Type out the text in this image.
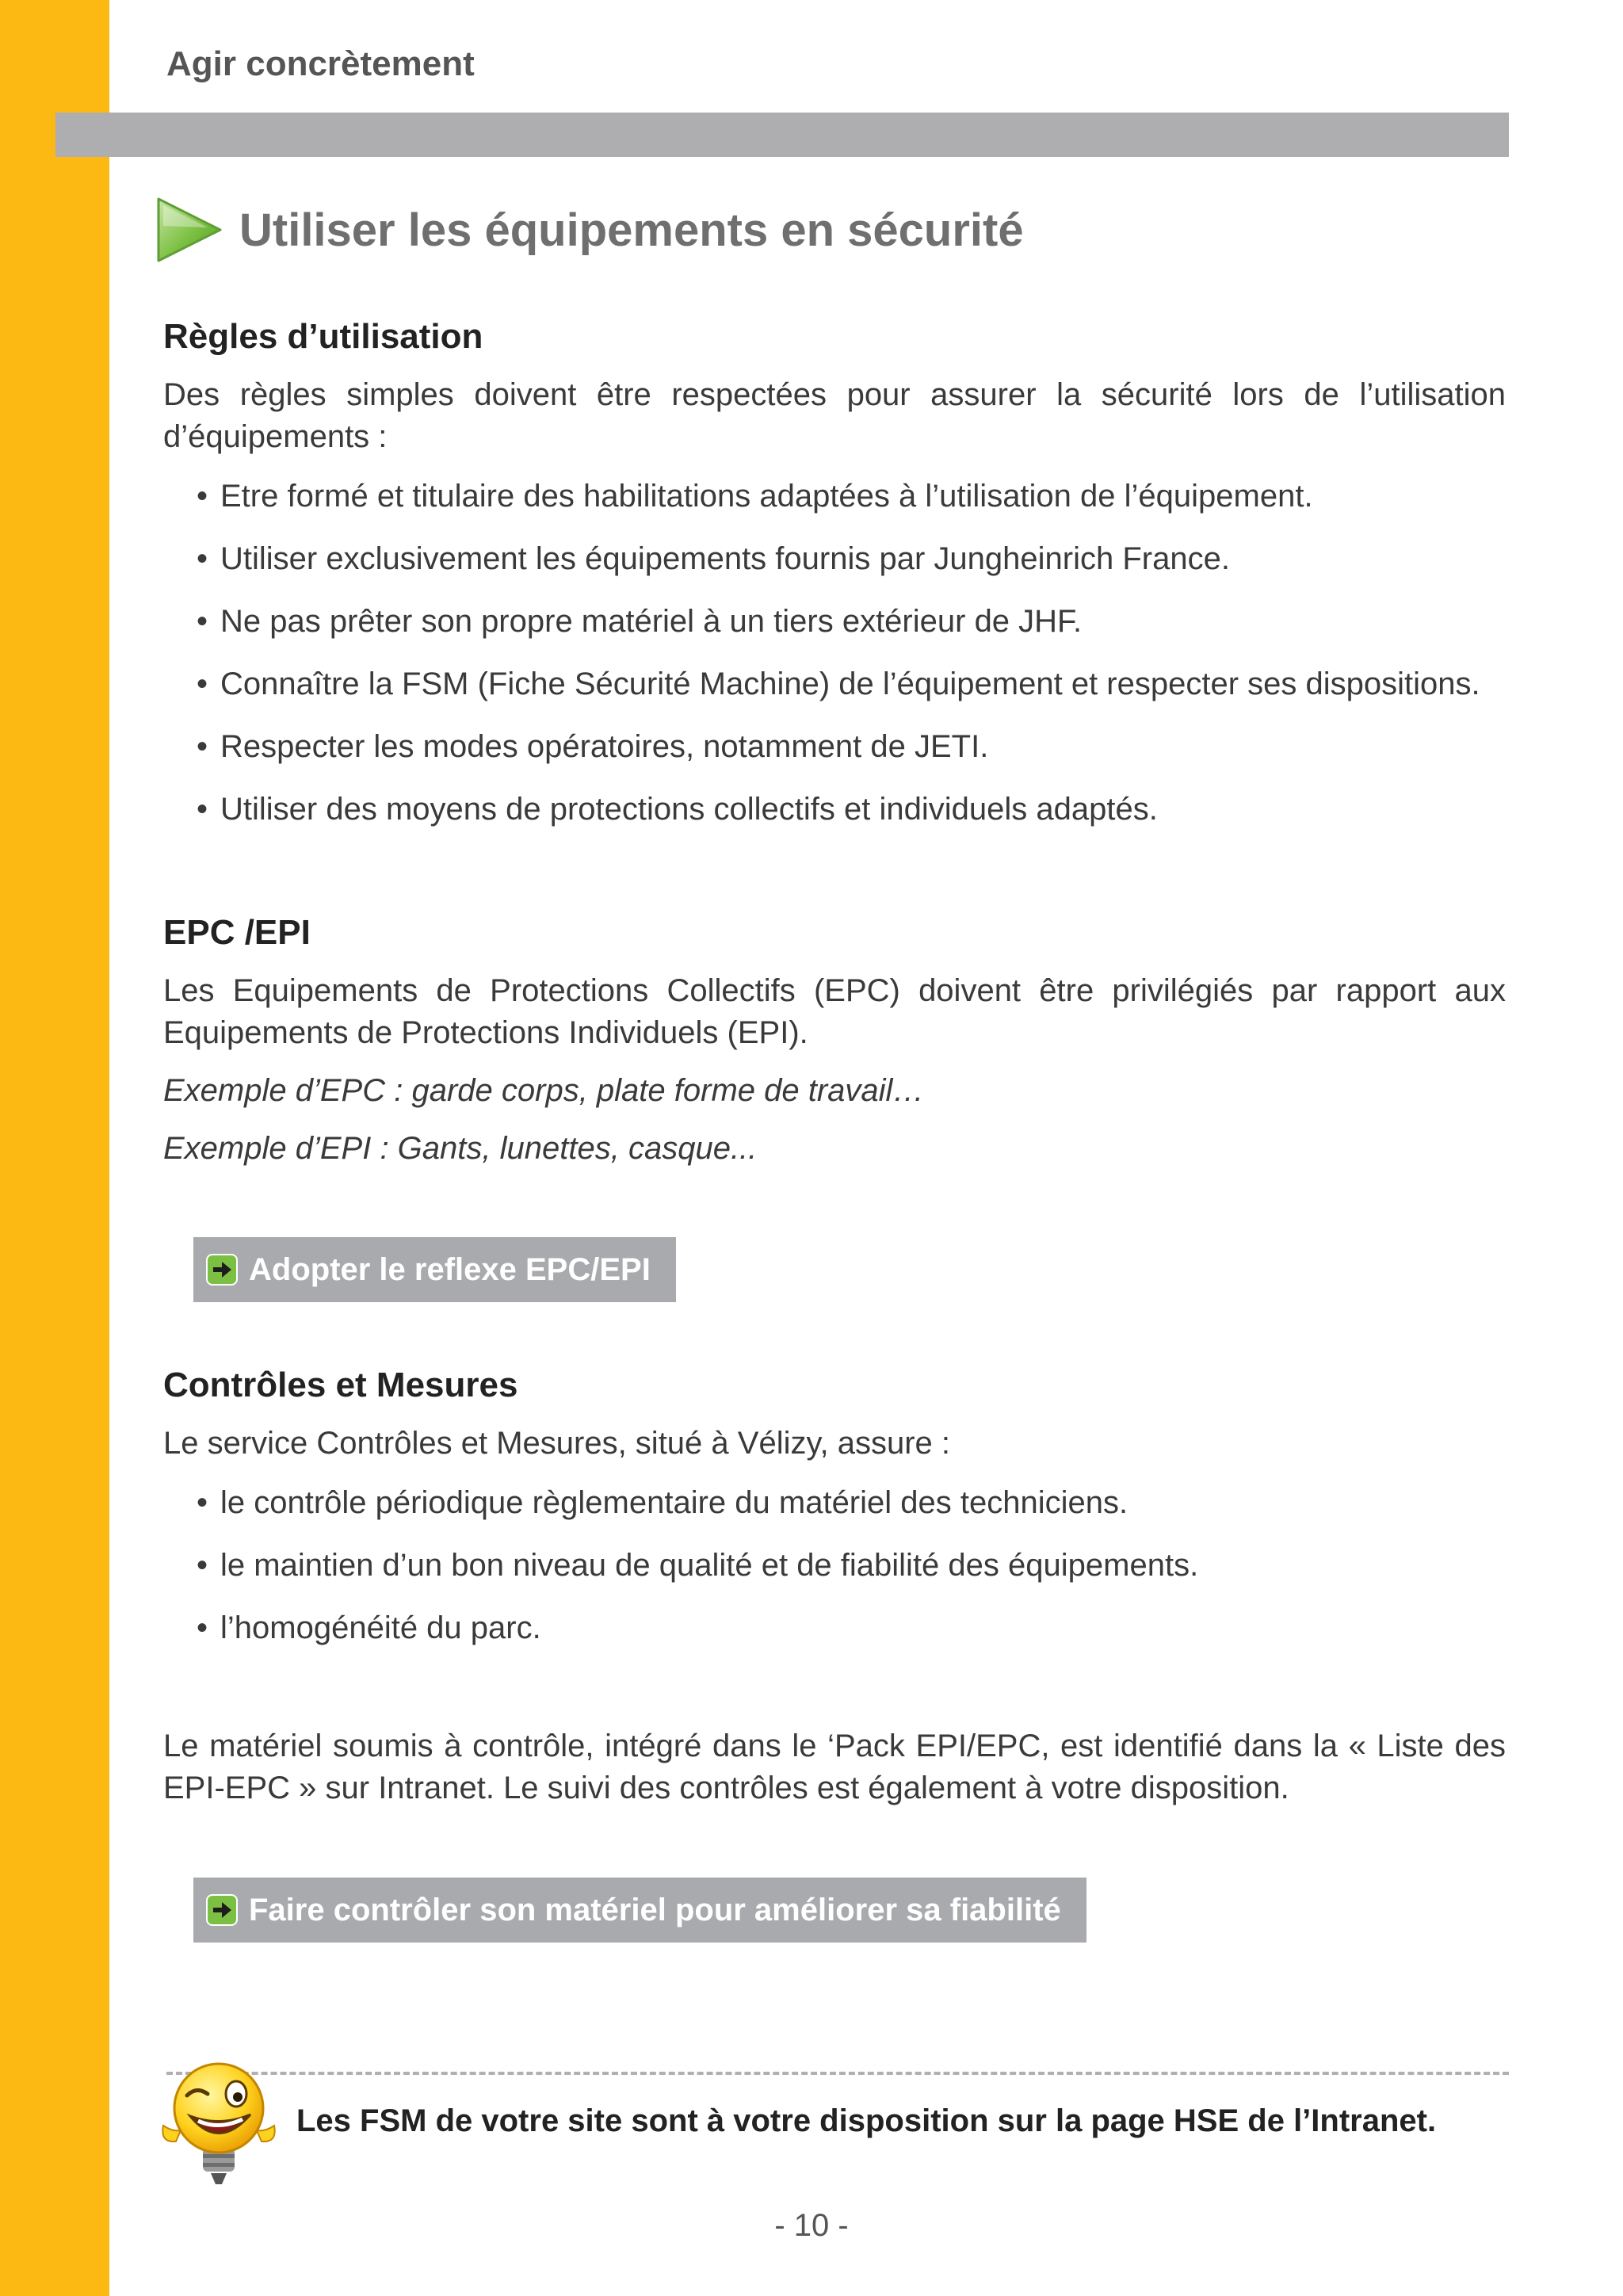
Agir concrètement
Utiliser les équipements en sécurité
Règles d’utilisation

Des règles simples doivent être respectées pour assurer la sécurité lors de l’utilisation d’équipements :

• Etre formé et titulaire des habilitations adaptées à l’utilisation de l’équipement.
• Utiliser exclusivement les équipements fournis par Jungheinrich France.
• Ne pas prêter son propre matériel à un tiers extérieur de JHF.
• Connaître la FSM (Fiche Sécurité Machine) de l’équipement et respecter ses dispositions.
• Respecter les modes opératoires, notamment de JETI.
• Utiliser des moyens de protections collectifs et individuels adaptés.
EPC /EPI

Les Equipements de Protections Collectifs (EPC) doivent être privilégiés par rapport aux Equipements de Protections Individuels (EPI).

Exemple d’EPC : garde corps, plate forme de travail…

Exemple d’EPI : Gants, lunettes, casque...

Adopter le reflexe EPC/EPI
Contrôles et Mesures

Le service Contrôles et Mesures, situé à Vélizy, assure :

• le contrôle périodique règlementaire du matériel des techniciens.
• le maintien d’un bon niveau de qualité et de fiabilité des équipements.
• l’homogénéité du parc.

Le matériel soumis à contrôle, intégré dans le ‘Pack EPI/EPC, est identifié dans la « Liste des EPI-EPC » sur Intranet. Le suivi des contrôles est également à votre disposition.

Faire contrôler son matériel pour améliorer sa fiabilité
Les FSM de votre site sont à votre disposition sur la page HSE de l’Intranet.
- 10 -
